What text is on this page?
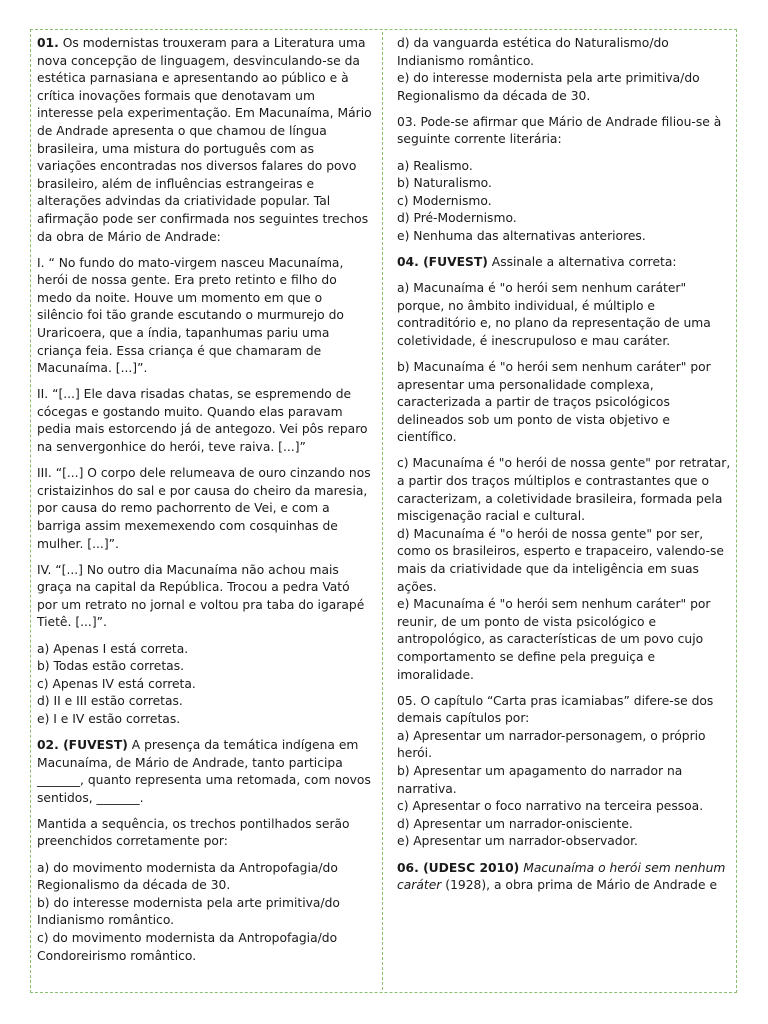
01. Os modernistas trouxeram para a Literatura uma nova concepção de linguagem, desvinculando-se da estética parnasiana e apresentando ao público e à crítica inovações formais que denotavam um interesse pela experimentação. Em Macunaíma, Mário de Andrade apresenta o que chamou de língua brasileira, uma mistura do português com as variações encontradas nos diversos falares do povo brasileiro, além de influências estrangeiras e alterações advindas da criatividade popular. Tal afirmação pode ser confirmada nos seguintes trechos da obra de Mário de Andrade:

I. “ No fundo do mato-virgem nasceu Macunaíma, herói de nossa gente. Era preto retinto e filho do medo da noite. Houve um momento em que o silêncio foi tão grande escutando o murmurejo do Uraricoera, que a índia, tapanhumas pariu uma criança feia. Essa criança é que chamaram de Macunaíma. [...]”.

II. “[...] Ele dava risadas chatas, se espremendo de cócegas e gostando muito. Quando elas paravam pedia mais estorcendo já de antegozo. Vei pôs reparo na senvergonhice do herói, teve raiva. [...]”

III. “[...] O corpo dele relumeava de ouro cinzando nos cristaizinhos do sal e por causa do cheiro da maresia, por causa do remo pachorrento de Vei, e com a barriga assim mexemexendo com cosquinhas de mulher. [...]”.

IV. “[...] No outro dia Macunaíma não achou mais graça na capital da República. Trocou a pedra Vató por um retrato no jornal e voltou pra taba do igarapé Tietê. [...]”.

a) Apenas I está correta.
b) Todas estão corretas.
c) Apenas IV está correta.
d) II e III estão corretas.
e) I e IV estão corretas.

02. (FUVEST) A presença da temática indígena em Macunaíma, de Mário de Andrade, tanto participa _______, quanto representa uma retomada, com novos sentidos, _______.

Mantida a sequência, os trechos pontilhados serão preenchidos corretamente por:

a) do movimento modernista da Antropofagia/do Regionalismo da década de 30.

b) do interesse modernista pela arte primitiva/do Indianismo romântico.

c) do movimento modernista da Antropofagia/do Condoreirismo romântico.

d) da vanguarda estética do Naturalismo/do Indianismo romântico.

e) do interesse modernista pela arte primitiva/do Regionalismo da década de 30.

03. Pode-se afirmar que Mário de Andrade filiou-se à seguinte corrente literária:

a) Realismo.
b) Naturalismo.
c) Modernismo.
d) Pré-Modernismo.
e) Nenhuma das alternativas anteriores.

04. (FUVEST) Assinale a alternativa correta:

a) Macunaíma é "o herói sem nenhum caráter" porque, no âmbito individual, é múltiplo e contraditório e, no plano da representação de uma coletividade, é inescrupuloso e mau caráter.

b) Macunaíma é "o herói sem nenhum caráter" por apresentar uma personalidade complexa, caracterizada a partir de traços psicológicos delineados sob um ponto de vista objetivo e científico.

c) Macunaíma é "o herói de nossa gente" por retratar, a partir dos traços múltiplos e contrastantes que o caracterizam, a coletividade brasileira, formada pela miscigenação racial e cultural.

d) Macunaíma é "o herói de nossa gente" por ser, como os brasileiros, esperto e trapaceiro, valendo-se mais da criatividade que da inteligência em suas ações.

e) Macunaíma é "o herói sem nenhum caráter" por reunir, de um ponto de vista psicológico e antropológico, as características de um povo cujo comportamento se define pela preguiça e imoralidade.

05. O capítulo “Carta pras icamiabas” difere-se dos demais capítulos por:
a) Apresentar um narrador-personagem, o próprio herói.
b) Apresentar um apagamento do narrador na narrativa.
c) Apresentar o foco narrativo na terceira pessoa.
d) Apresentar um narrador-onisciente.
e) Apresentar um narrador-observador.

06. (UDESC 2010) Macunaíma o herói sem nenhum caráter (1928), a obra prima de Mário de Andrade e
